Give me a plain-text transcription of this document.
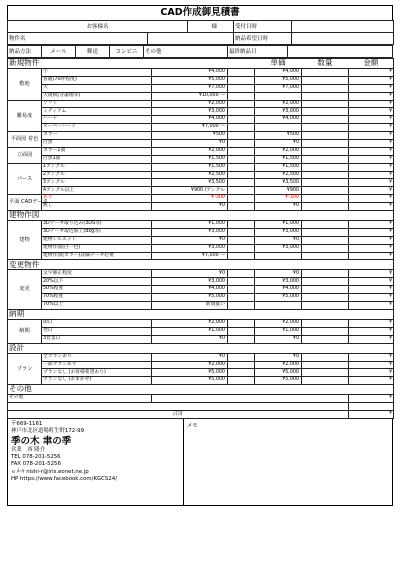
CAD作成御見積書
お客様名		様	受付日時	
物件名			納品希望日時	
納品方法	メール	郵送	コンビニ	その他	最終納品日	
新規物件				単価	数量	金額
敷地	小	¥4,000		¥4,000		¥
	普通(70坪程度)	¥5,000		¥5,000		¥
	大	¥7,000		¥7,000		¥
	大規模(分譲地等)	¥10,000 〜				¥
難易度	ソフト	¥2,000		¥2,000		¥
	ミディアム	¥3,000		¥3,000		¥
	ハード	¥4,000		¥4,000		¥
	スーパーハード	¥7,000 〜				¥
平面図 着色	カラー	¥500		¥500		¥
	白黒	¥0		¥0		¥
立面図	カラー1面	¥2,000		¥2,000		¥
	白黒1面	¥1,500		¥1,500		¥
パース	1アングル	¥1,500		¥1,500		¥
	2アングル	¥2,500		¥2,500		¥
	3アングル	¥3,500		¥3,500		¥
	4アングル以上	¥900 /アングル		¥900		¥
平面 CADデータ	あり	¥-300		¥-300		¥
	無し	¥0		¥0		¥
建物作図						
建物	3Dデータ取り込み(3DS等)	¥1,000		¥1,000		¥
	3Dデータ取込加工(dxg等)	¥3,000		¥3,000		¥
	建物シルエット	¥0		¥0		¥
	建物作図(白一色)	¥3,000		¥3,000		¥
	建物作図(カラー)詳細データ必要	¥7,000 〜				¥
変更物件						
変更	文字修正程度	¥0		¥0		¥
	20%以下	¥3,000		¥3,000		¥
	50%程度	¥4,000		¥4,000		¥
	70%程度	¥5,000		¥5,000		¥
	70%以上	新規扱い				¥
納期						
納期	即日	¥2,000		¥2,000		¥
	翌日	¥1,000		¥1,000		¥
	3営業日	¥0		¥0		¥
設計						
プラン	全プランあり	¥0		¥0		¥
	一部プランあり	¥2,000		¥2,000		¥
	プランなし (お客様希望あり)	¥5,000		¥5,000		¥
	プランなし (おまかせ)	¥5,000		¥5,000		¥
その他						
その他						¥

合計						¥
〒669-1161
神戸市北区道場町生野172-99
季の木 聿の季
営業　 西 隆介
TEL 078-201-5256
FAX 078-201-5256
ｅﾒｰﾙ nishi-r@iris.eonet.ne.jp
HP https://www.facebook.com/KGCS24/
メモ
